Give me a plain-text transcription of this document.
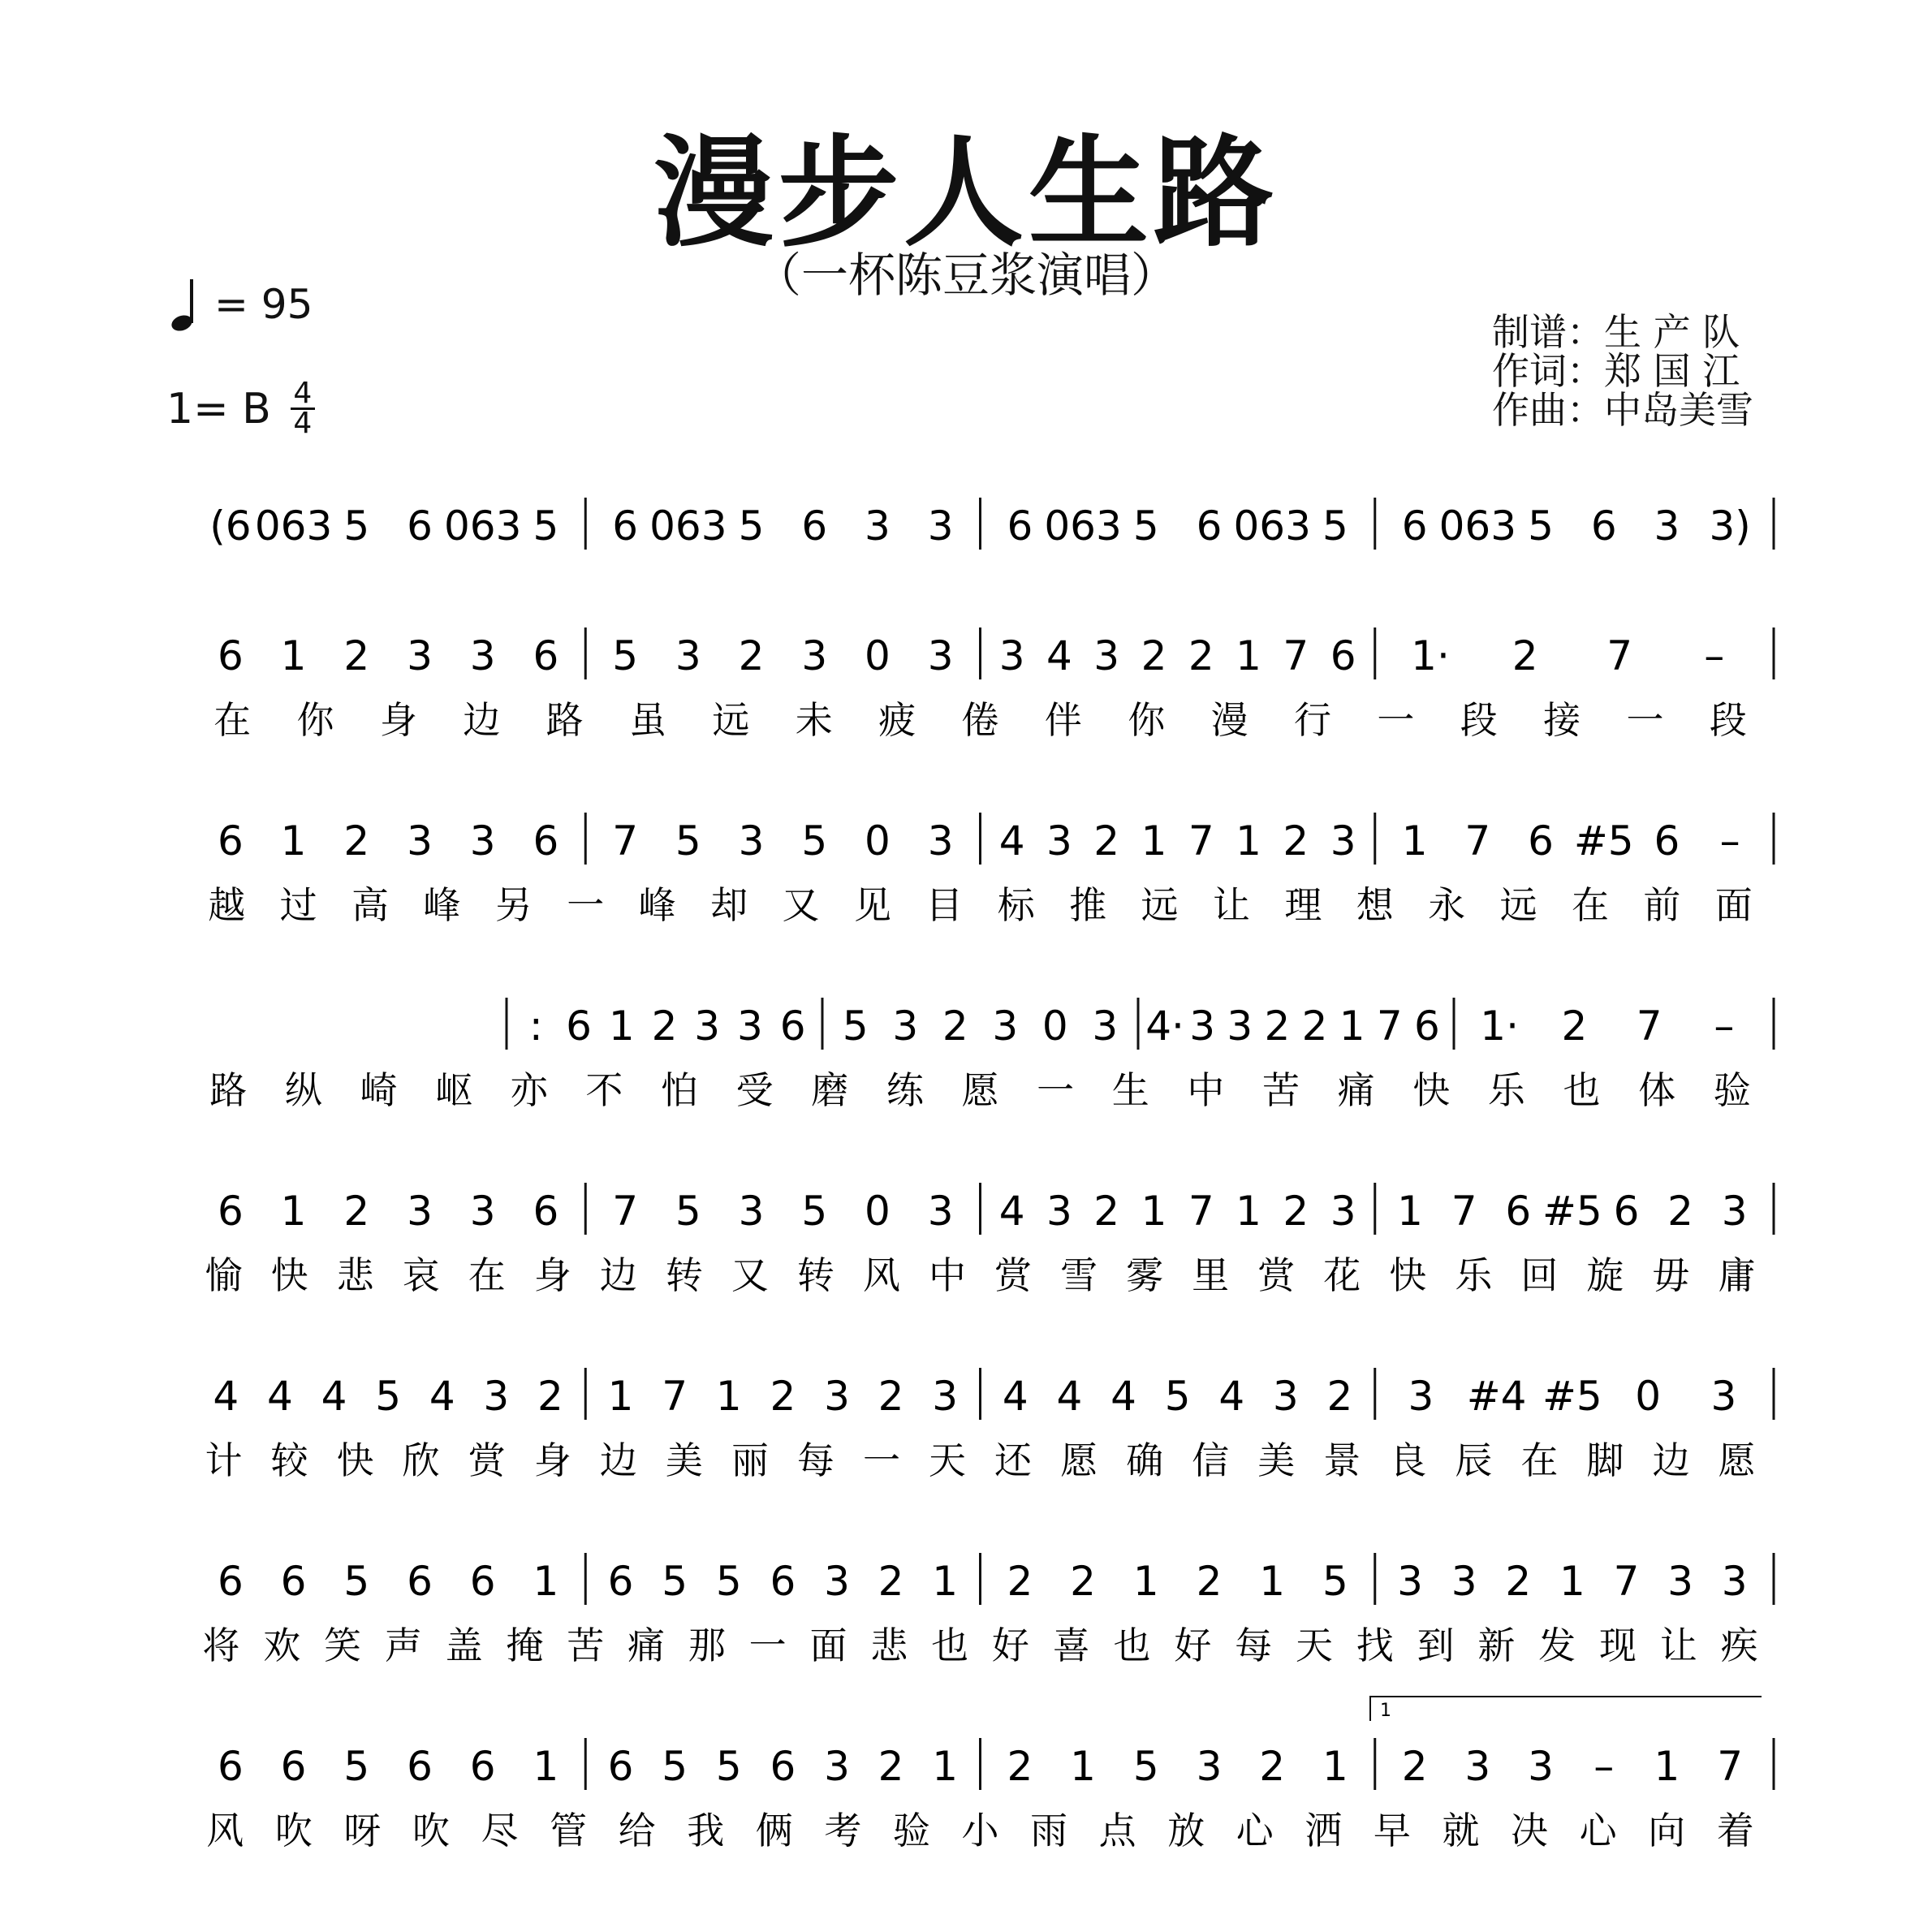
漫步人生路
（一杯陈豆浆演唱）
= 95
1= B 4
4
制谱：生 产 队
作词：郑 国 江
作曲：中岛美雪
(6 063 5 6 063 5 6 063 5 6 3 3 6 063 5 6 063 5 6 063 5 6 3 3)
6 1 2 3 3 6 5 3 2 3 0 3 3 4 3 2 2 1 7 6 1· 2 7 –
在 你 身 边 路 虽 远 未 疲 倦 伴 你 漫 行 一 段 接 一 段
6 1 2 3 3 6 7 5 3 5 0 3 4 3 2 1 7 1 2 3 1 7 6 #5 6 –
越 过 高 峰 另 一 峰 却 又 见 目 标 推 远 让 理 想 永 远 在 前 面
: 6 1 2 3 3 6 5 3 2 3 0 3 4· 3 3 2 2 1 7 6 1· 2 7 –
路 纵 崎 岖 亦 不 怕 受 磨 练 愿 一 生 中 苦 痛 快 乐 也 体 验
6 1 2 3 3 6 7 5 3 5 0 3 4 3 2 1 7 1 2 3 1 7 6 #5 6 2 3
愉 快 悲 哀 在 身 边 转 又 转 风 中 赏 雪 雾 里 赏 花 快 乐 回 旋 毋 庸
4 4 4 5 4 3 2 1 7 1 2 3 2 3 4 4 4 5 4 3 2 3 #4 #5 0 3
计 较 快 欣 赏 身 边 美 丽 每 一 天 还 愿 确 信 美 景 良 辰 在 脚 边 愿
6 6 5 6 6 1 6 5 5 6 3 2 1 2 2 1 2 1 5 3 3 2 1 7 3 3
将 欢 笑 声 盖 掩 苦 痛 那 一 面 悲 也 好 喜 也 好 每 天 找 到 新 发 现 让 疾
6 6 5 6 6 1 6 5 5 6 3 2 1 2 1 5 3 2 1 2 3 3 – 1 7
风 吹 呀 吹 尽 管 给 我 俩 考 验 小 雨 点 放 心 洒 早 就 决 心 向 着
1
